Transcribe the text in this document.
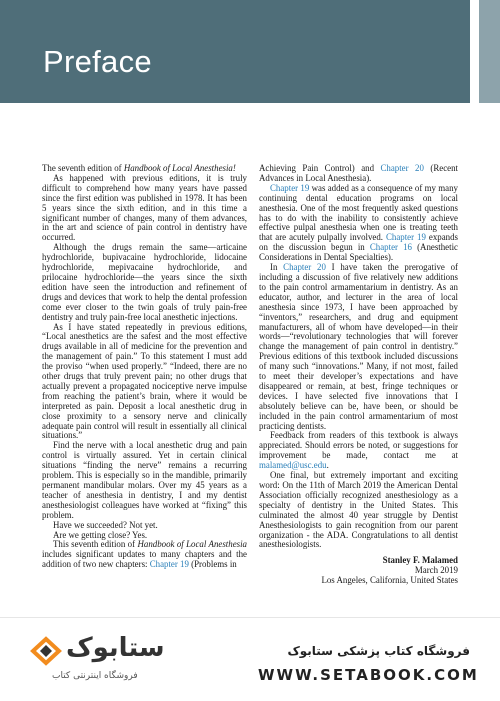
Preface

The seventh edition of Handbook of Local Anesthesia!

As happened with previous editions, it is truly difficult to comprehend how many years have passed since the first edition was published in 1978. It has been 5 years since the sixth edition, and in this time a significant number of changes, many of them advances, in the art and science of pain control in dentistry have occurred.

Although the drugs remain the same—articaine hydrochloride, bupivacaine hydrochloride, lidocaine hydrochloride, mepivacaine hydrochloride, and prilocaine hydrochloride—the years since the sixth edition have seen the introduction and refinement of drugs and devices that work to help the dental profession come ever closer to the twin goals of truly pain-free dentistry and truly pain-free local anesthetic injections.

As I have stated repeatedly in previous editions, “Local anesthetics are the safest and the most effective drugs available in all of medicine for the prevention and the management of pain.” To this statement I must add the proviso “when used properly.” “Indeed, there are no other drugs that truly prevent pain; no other drugs that actually prevent a propagated nociceptive nerve impulse from reaching the patient’s brain, where it would be interpreted as pain. Deposit a local anesthetic drug in close proximity to a sensory nerve and clinically adequate pain control will result in essentially all clinical situations.”

Find the nerve with a local anesthetic drug and pain control is virtually assured. Yet in certain clinical situations “finding the nerve” remains a recurring problem. This is especially so in the mandible, primarily permanent mandibular molars. Over my 45 years as a teacher of anesthesia in dentistry, I and my dentist anesthesiologist colleagues have worked at “fixing” this problem.

Have we succeeded? Not yet.

Are we getting close? Yes.

This seventh edition of Handbook of Local Anesthesia includes significant updates to many chapters and the addition of two new chapters: Chapter 19 (Problems in

Achieving Pain Control) and Chapter 20 (Recent Advances in Local Anesthesia).

Chapter 19 was added as a consequence of my many continuing dental education programs on local anesthesia. One of the most frequently asked questions has to do with the inability to consistently achieve effective pulpal anesthesia when one is treating teeth that are acutely pulpally involved. Chapter 19 expands on the discussion begun in Chapter 16 (Anesthetic Considerations in Dental Specialties).

In Chapter 20 I have taken the prerogative of including a discussion of five relatively new additions to the pain control armamentarium in dentistry. As an educator, author, and lecturer in the area of local anesthesia since 1973, I have been approached by “inventors,” researchers, and drug and equipment manufacturers, all of whom have developed—in their words—“revolutionary technologies that will forever change the management of pain control in dentistry.” Previous editions of this textbook included discussions of many such “innovations.” Many, if not most, failed to meet their developer’s expectations and have disappeared or remain, at best, fringe techniques or devices. I have selected five innovations that I absolutely believe can be, have been, or should be included in the pain control armamentarium of most practicing dentists.

Feedback from readers of this textbook is always appreciated. Should errors be noted, or suggestions for improvement be made, contact me at malamed@usc.edu.

One final, but extremely important and exciting word: On the 11th of March 2019 the American Dental Association officially recognized anesthesiology as a specialty of dentistry in the United States. This culminated the almost 40 year struggle by Dentist Anesthesiologists to gain recognition from our parent organization - the ADA. Congratulations to all dentist anesthesiologists.

Stanley F. Malamed
March 2019
Los Angeles, California, United States
ستابوک
فروشگاه اینترنتی کتاب
فروشگاه کتاب پزشکی ستابوک
WWW.SETABOOK.COM
